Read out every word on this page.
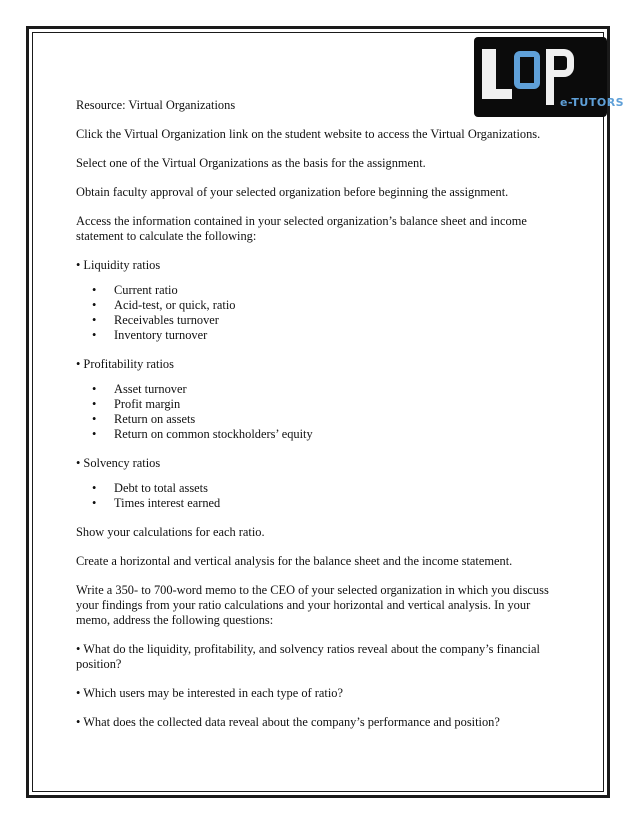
e-TUTORS

Resource: Virtual Organizations

Click the Virtual Organization link on the student website to access the Virtual Organizations.

Select one of the Virtual Organizations as the basis for the assignment.

Obtain faculty approval of your selected organization before beginning the assignment.

Access the information contained in your selected organization’s balance sheet and income statement to calculate the following:

• Liquidity ratios

• Current ratio
• Acid-test, or quick, ratio
• Receivables turnover
• Inventory turnover

• Profitability ratios

• Asset turnover
• Profit margin
• Return on assets
• Return on common stockholders’ equity

• Solvency ratios

• Debt to total assets
• Times interest earned

Show your calculations for each ratio.

Create a horizontal and vertical analysis for the balance sheet and the income statement.

Write a 350- to 700-word memo to the CEO of your selected organization in which you discuss your findings from your ratio calculations and your horizontal and vertical analysis. In your memo, address the following questions:

• What do the liquidity, profitability, and solvency ratios reveal about the company’s financial position?

• Which users may be interested in each type of ratio?

• What does the collected data reveal about the company’s performance and position?
